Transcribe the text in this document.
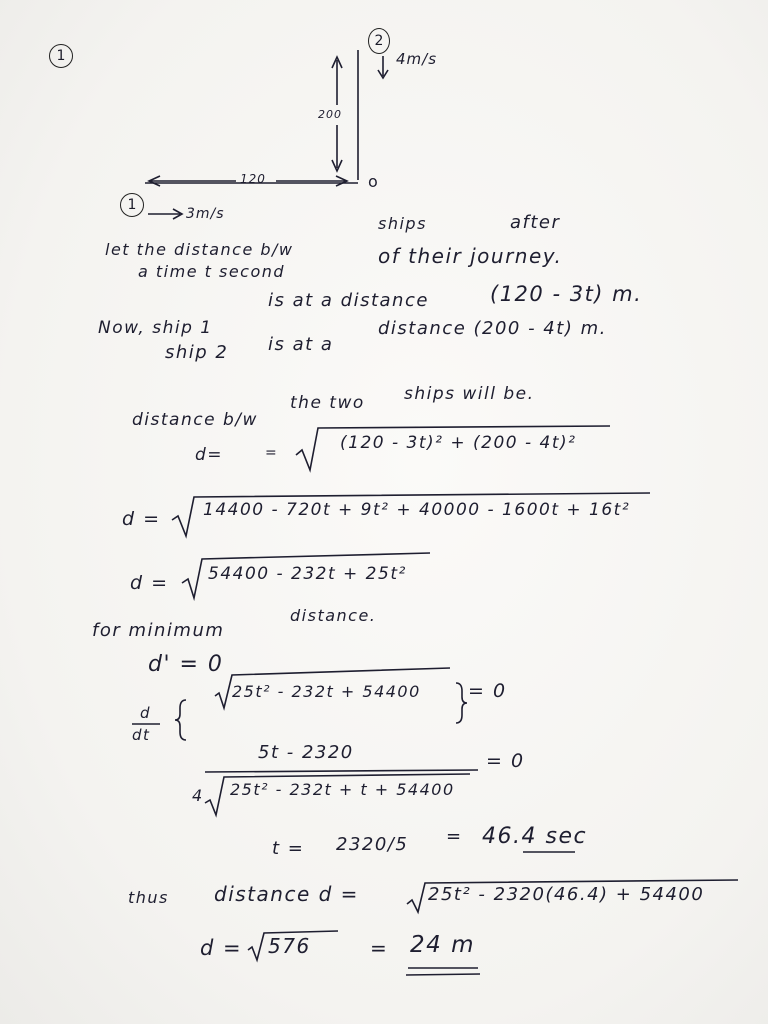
1
2
4m/s
200
120	o
1
3m/s
let the distance b/w
ships	after
a time t second
of their journey.
Now, ship 1
is at a distance	(120 - 3t) m.
ship 2 is at a
distance (200 - 4t) m.
distance b/w
the two ships will be.
d=	=	(120 - 3t)² + (200 - 4t)²
d = 14400 - 720t + 9t² + 40000 - 1600t + 16t²
d = 54400 - 232t + 25t²
for minimum
distance.
d' = 0
d
dt
25t² - 232t + 54400 = 0
5t - 2320
4 25t² - 232t + t + 54400
= 0
t = 2320/5 = 46.4 sec
thus distance d =	25t² - 2320(46.4) + 54400
d = 576	= 24 m
